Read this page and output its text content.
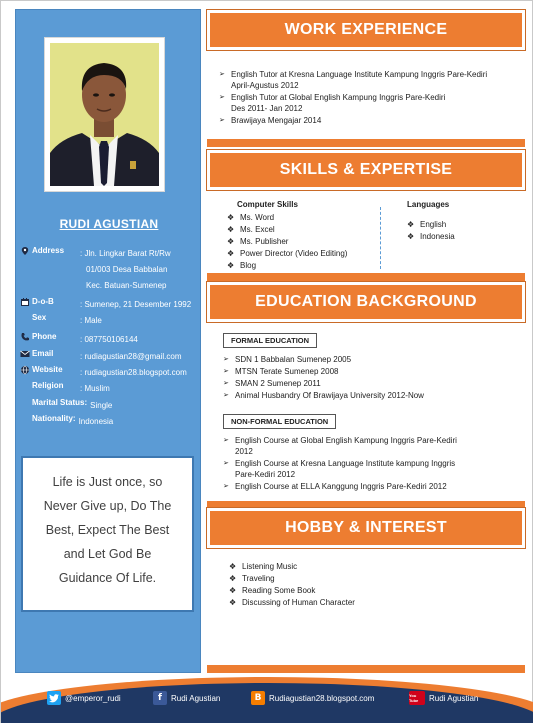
RUDI AGUSTIAN
Address	: Jln. Lingkar Barat Rt/Rw
01/003 Desa Babbalan
Kec. Batuan-Sumenep
D-o-B	: Sumenep, 21 Desember 1992
Sex	: Male
Phone	: 087750106144
Email	: rudiagustian28@gmail.com
Website	: rudiagustian28.blogspot.com
Religion	: Muslim
Marital Status: Single
Nationality: Indonesia
Life is Just once, so
Never Give up, Do The
Best, Expect The Best
and Let God Be
Guidance Of Life.
WORK EXPERIENCE
➢ English Tutor at Kresna Language Institute Kampung Inggris Pare-Kediri
April-Agustus 2012
➢ English Tutor at Global English Kampung Inggris Pare-Kediri
Des 2011- Jan 2012
➢ Brawijaya Mengajar 2014
SKILLS & EXPERTISE
Computer Skills
❖ Ms. Word
❖ Ms. Excel
❖ Ms. Publisher
❖ Power Director (Video Editing)
❖ Blog
Languages
❖ English
❖ Indonesia
EDUCATION BACKGROUND
FORMAL EDUCATION
➢ SDN 1 Babbalan Sumenep 2005
➢ MTSN Terate Sumenep 2008
➢ SMAN 2 Sumenep 2011
➢ Animal Husbandry Of Brawijaya University 2012-Now
NON-FORMAL EDUCATION
➢ English Course at Global English Kampung Inggris Pare-Kediri
2012
➢ English Course at Kresna Language Institute kampung Inggris
Pare-Kediri 2012
➢ English Course at ELLA Kanggung Inggris Pare-Kediri 2012
HOBBY & INTEREST
❖ Listening Music
❖ Traveling
❖ Reading Some Book
❖ Discussing of Human Character
@emperor_rudi	f	Rudi Agustian	B Rudiagustian28.blogspot.com	You Tube	Rudi Agustian
